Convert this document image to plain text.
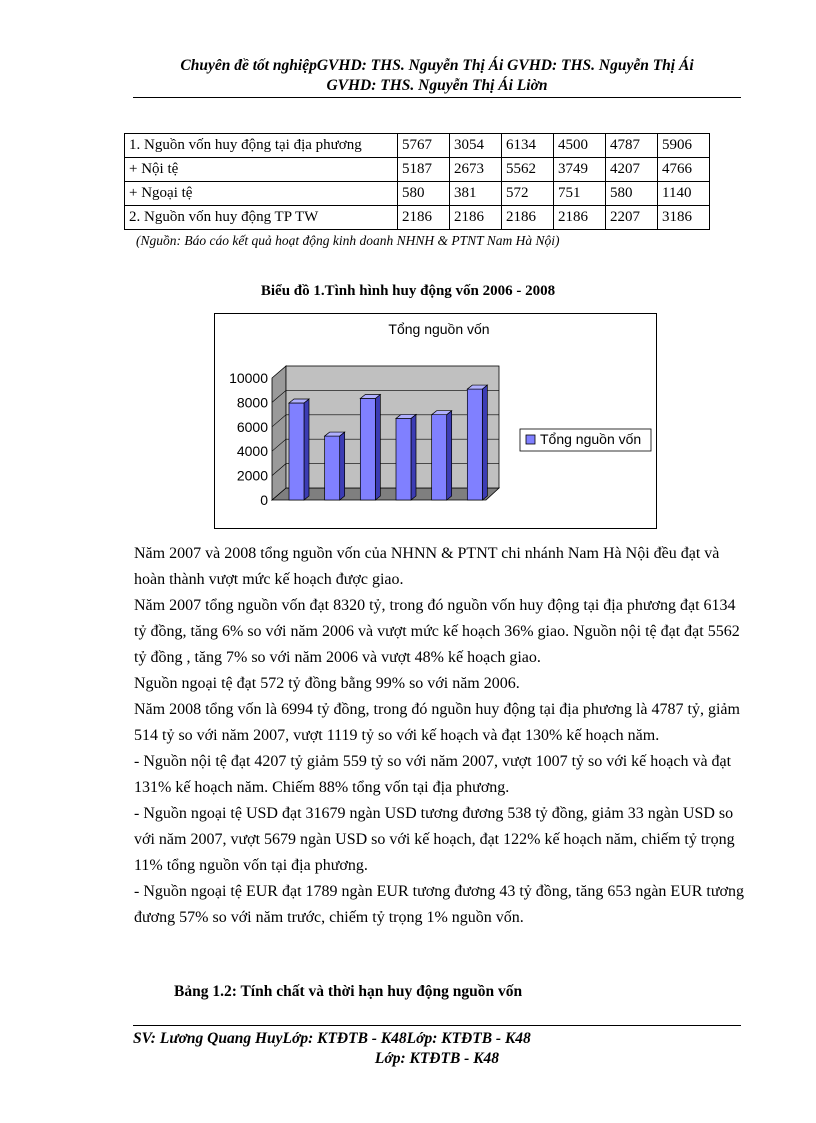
Chuyên đề tốt nghiệpGVHD: THS. Nguyễn Thị Ái GVHD: THS. Nguyễn Thị Ái
GVHD: THS. Nguyễn Thị Ái Liờn
1. Nguồn vốn huy động tại địa phương	5767	3054	6134	4500	4787	5906
+ Nội tệ	5187	2673	5562	3749	4207	4766
+ Ngoại tệ	580	381	572	751	580	1140
2. Nguồn vốn huy động TP TW	2186	2186	2186	2186	2207	3186
(Nguồn: Báo cáo kết quả hoạt động kinh doanh NHNH & PTNT Nam Hà Nội)
Biểu đồ 1.Tình hình huy động vốn 2006 - 2008
Tổng nguồn vốn
10000
8000
6000
4000
2000
0
Tổng nguồn vốn

Năm 2007 và 2008 tổng nguồn vốn của NHNN & PTNT chi nhánh Nam Hà Nội đều đạt và hoàn thành vượt mức kế hoạch được giao.

Năm 2007 tổng nguồn vốn đạt 8320 tỷ, trong đó nguồn vốn huy động tại địa phương đạt 6134 tỷ đồng, tăng 6% so với năm 2006 và vượt mức kế hoạch 36% giao. Nguồn nội tệ đạt đạt 5562 tỷ đồng , tăng 7% so với năm 2006 và vượt 48% kế hoạch giao.

Nguồn ngoại tệ đạt 572 tỷ đồng bằng 99% so với năm 2006.

Năm 2008 tổng vốn là 6994 tỷ đồng, trong đó nguồn huy động tại địa phương là 4787 tỷ, giảm 514 tỷ so với năm 2007, vượt 1119 tỷ so với kế hoạch và đạt 130% kế hoạch năm.

- Nguồn nội tệ đạt 4207 tỷ giảm 559 tỷ so với năm 2007, vượt 1007 tỷ so với kế hoạch và đạt 131% kế hoạch năm. Chiếm 88% tổng vốn tại địa phương.

- Nguồn ngoại tệ USD đạt 31679 ngàn USD tương đương 538 tỷ đồng, giảm 33 ngàn USD so với năm 2007, vượt 5679 ngàn USD so với kế hoạch, đạt 122% kế hoạch năm, chiếm tỷ trọng 11% tổng nguồn vốn tại địa phương.

- Nguồn ngoại tệ EUR đạt 1789 ngàn EUR tương đương 43 tỷ đồng, tăng 653 ngàn EUR tương đương 57% so với năm trước, chiếm tỷ trọng 1% nguồn vốn.

Bảng 1.2: Tính chất và thời hạn huy động nguồn vốn
SV: Lương Quang HuyLớp: KTĐTB - K48Lớp: KTĐTB - K48
Lớp: KTĐTB - K48
